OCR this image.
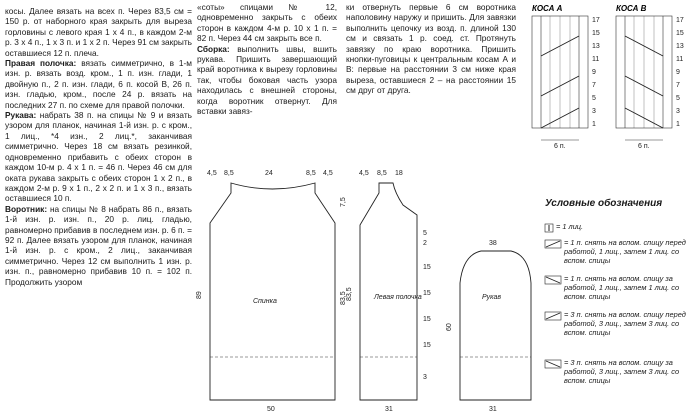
косы. Далее вязать на всех п. Через 83,5 см = 150 р. от наборного края закрыть для выреза горловины с левого края 1 х 4 п., в каждом 2-м р. 3 х 4 п., 1 х 3 п. и 1 х 2 п. Через 91 см закрыть оставшиеся 12 п. плеча.

Правая полочка: вязать симметрично, в 1-м изн. р. вязать возд. кром., 1 п. изн. глади, 1 двойную п., 2 п. изн. глади, 6 п. косой В, 26 п. изн. гладью, кром., после 24 р. вязать на последних 27 п. по схеме для правой полочки.

Рукава: набрать 38 п. на спицы № 9 и вязать узором для планок, начиная 1-й изн. р. с кром., 1 лиц., *4 изн., 2 лиц.*, заканчивая симметрично. Через 18 см вязать резинкой, одновременно прибавить с обеих сторон в каждом 10-м р. 4 х 1 п. = 46 п. Через 46 см для оката рукава закрыть с обеих сторон 1 х 2 п., в каждом 2-м р. 9 х 1 п., 2 х 2 п. и 1 х 3 п., вязать оставшиеся 10 п.

Воротник: на спицы № 8 набрать 86 п., вязать 1-й изн. р. изн. п., 20 р. лиц. гладью, равномерно прибавив в последнем изн. р. 6 п. = 92 п. Далее вязать узором для планок, начиная 1-й изн. р. с кром., 2 лиц., заканчивая симметрично. Через 12 см выполнить 1 изн. р. изн. п., равномерно прибавив 10 п. = 102 п. Продолжить узором

«соты» спицами № 12, одновременно закрыть с обеих сторон в каждом 4-м р. 10 х 1 п. = 82 п. Через 44 см закрыть все п.

Сборка: выполнить швы, вшить рукава. Пришить завершающий край воротника к вырезу горловины так, чтобы боковая часть узора находилась с внешней стороны, когда воротник отвернут. Для вставки завяз-

ки отвернуть первые 6 см воротника наполовину наружу и пришить. Для завязки выполнить цепочку из возд. п. длиной 130 см и связать 1 р. соед. ст. Протянуть завязку по краю воротника. Пришить кнопки-пуговицы к центральным косам А и В: первые на расстоянии 3 см ниже края выреза, оставшиеся 2 – на расстоянии 15 см друг от друга.

КОСА А
17
15
13
11
9
7
5
3
1
6 п.
КОСА В
17
15
13
11
9
7
5
3
1
6 п.
Спинка
4,5 8,5	24	8,5 4,5
50
89
7,5
83,5	Левая полочка
4,5 8,5 18
31
83,5
5
2
15
15
15
15
3
Рукав
38
31
60
Условные обозначения
= 1 лиц.
= 1 п. снять на вспом. спицу перед работой, 1 лиц., затем 1 лиц. со вспом. спицы
= 1 п. снять на вспом. спицу за работой, 1 лиц., затем 1 лиц. со вспом. спицы
= 3 п. снять на вспом. спицу перед работой, 3 лиц., затем 3 лиц. со вспом. спицы
= 3 п. снять на вспом. спицу за работой, 3 лиц., затем 3 лиц. со вспом. спицы
